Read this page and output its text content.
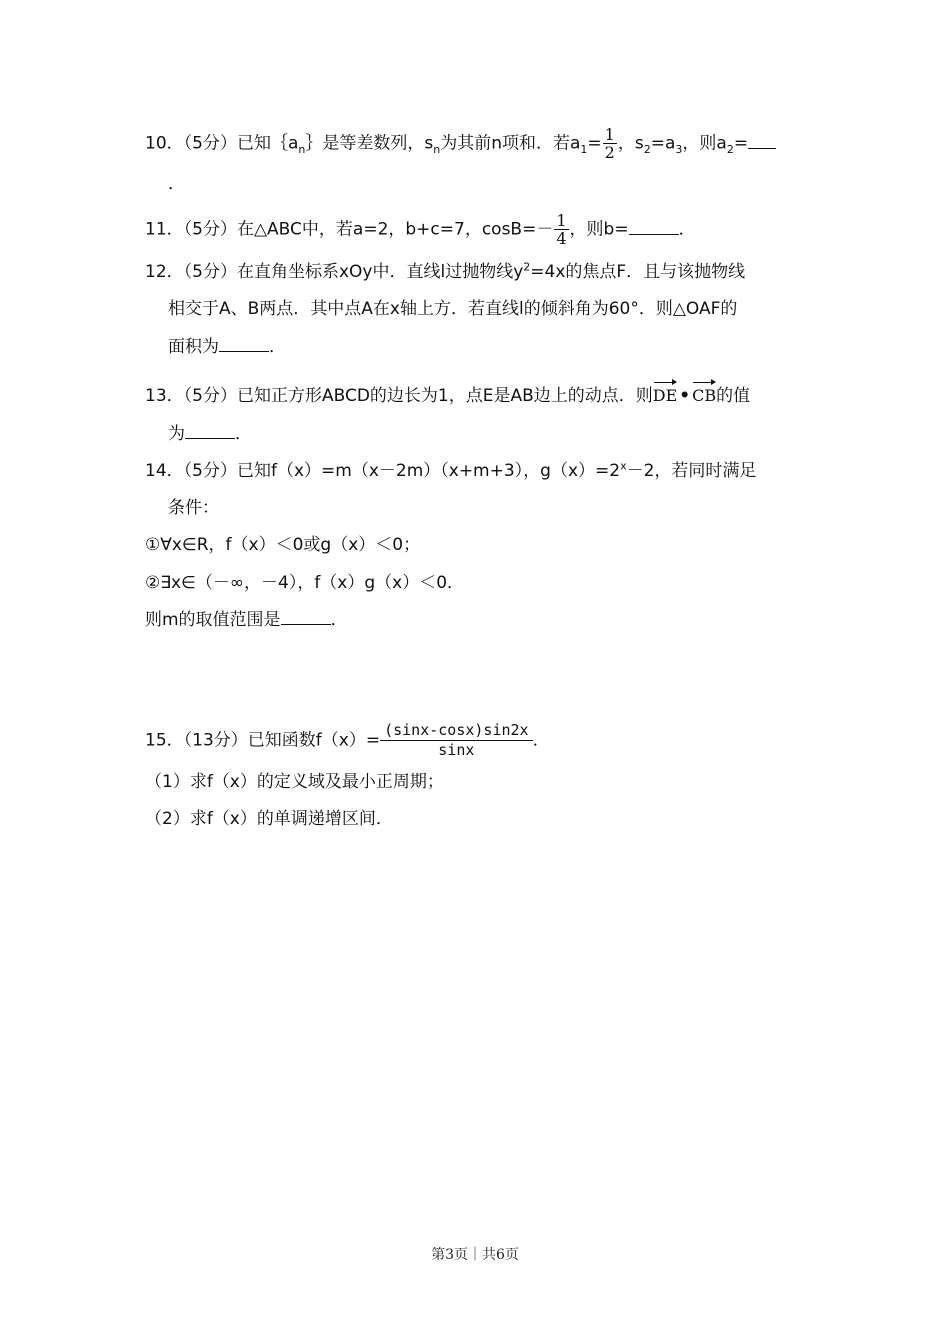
10．（5分）已知$\{a_n\}$是等差数列，$s_n$为其前n项和．若$a_1= \frac{1}{2}$ ，$s_2=a_3$，则$a_2=$
．
11．（5分）在△ABC中，若a=2，b+c=7，$\cos B=- \frac{1}{4}$ ，则b=	．
12．（5分）在直角坐标系xOy中．直线l过抛物线$y^2=4x$的焦点F．且与该抛物线
相交于A、B两点．其中点A在x轴上方．若直线l的倾斜角为60°．则△OAF的
面积为	．
13．（5分）已知正方形ABCD的边长为1，点E是AB边上的动点．则DE • CB的值
为	．
14．（5分）已知f（x）=m（x－2m）（x+m+3），$g(x)=2^x-2$，若同时满足
条件：
①∀x∈R，f（x）＜0或g（x）＜0；
②∃x∈（－∞，－4），f（x）g（x）＜0．
则m的取值范围是	．
15．（13分）已知函数$f(x)= \frac{(\sin x-\cos x)\sin 2x}{\sin x}$ ．
（1）求f（x）的定义域及最小正周期；
（2）求f（x）的单调递增区间．
第3页｜共6页
